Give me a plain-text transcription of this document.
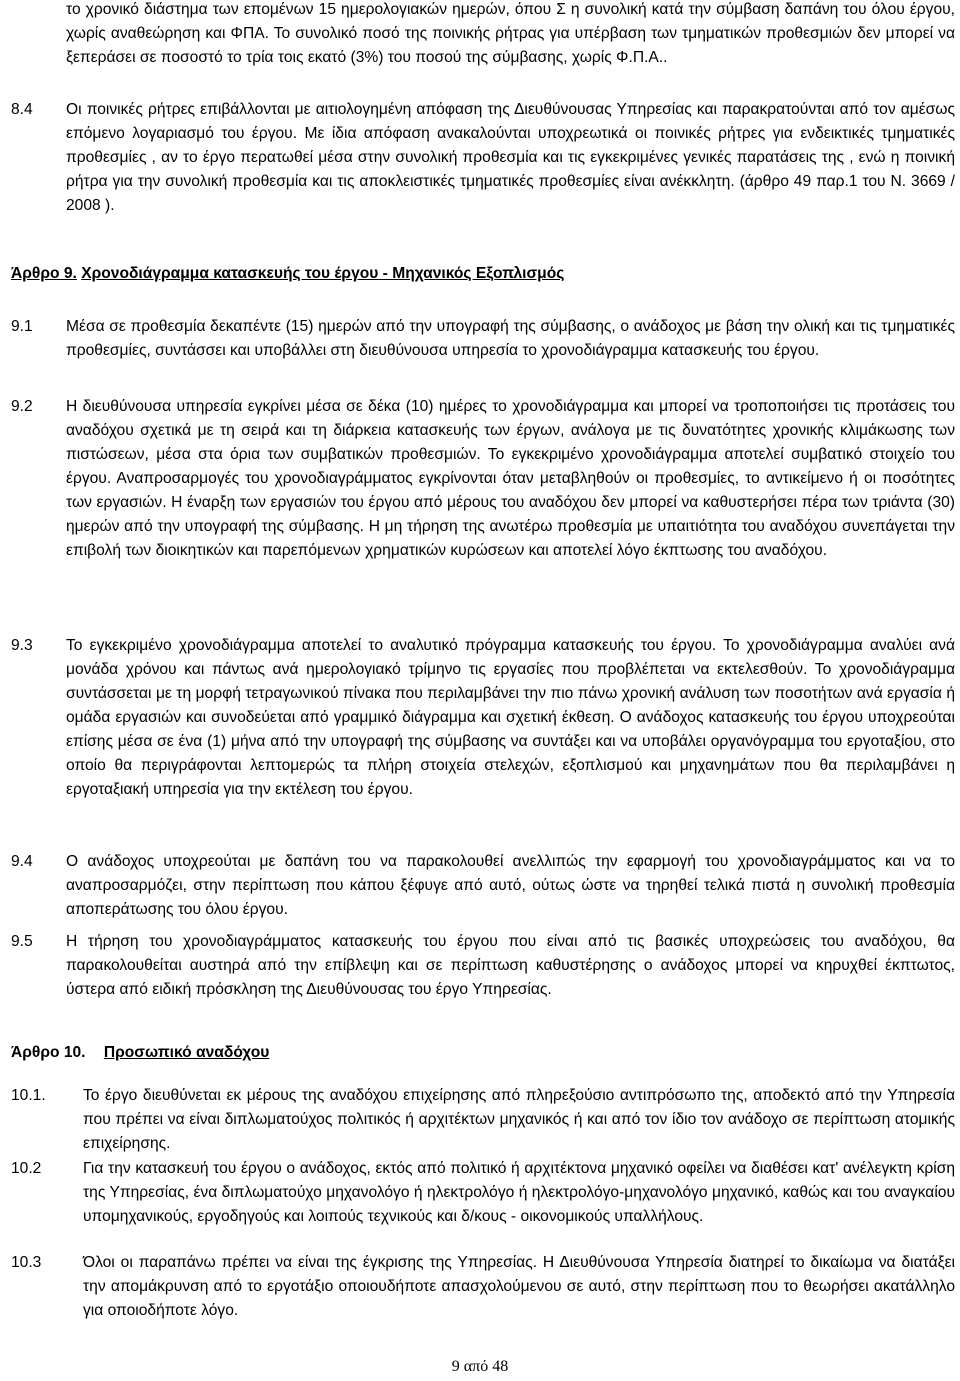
το χρονικό διάστημα των επομένων 15 ημερολογιακών ημερών, όπου Σ η συνολική κατά την σύμβαση δαπάνη του όλου έργου, χωρίς αναθεώρηση και ΦΠΑ. Το συνολικό ποσό της ποινικής ρήτρας για υπέρβαση των τμηματικών προθεσμιών δεν μπορεί να ξεπεράσει σε ποσοστό το τρία τοις εκατό (3%) του ποσού της σύμβασης, χωρίς Φ.Π.Α..
8.4	Οι ποινικές ρήτρες επιβάλλονται με αιτιολογημένη απόφαση της Διευθύνουσας Υπηρεσίας και παρακρατούνται από τον αμέσως επόμενο λογαριασμό του έργου. Με ίδια απόφαση ανακαλούνται υποχρεωτικά οι ποινικές ρήτρες για ενδεικτικές τμηματικές προθεσμίες , αν το έργο περατωθεί μέσα στην συνολική προθεσμία και τις εγκεκριμένες γενικές παρατάσεις της , ενώ η ποινική ρήτρα για την συνολική προθεσμία και τις αποκλειστικές τμηματικές προθεσμίες είναι ανέκκλητη. (άρθρο 49 παρ.1 του Ν. 3669 / 2008 ).
Άρθρο 9. Χρονοδιάγραμμα κατασκευής του έργου - Μηχανικός Εξοπλισμός
9.1	Μέσα σε προθεσμία δεκαπέντε (15) ημερών από την υπογραφή της σύμβασης, ο ανάδοχος με βάση την ολική και τις τμηματικές προθεσμίες, συντάσσει και υποβάλλει στη διευθύνουσα υπηρεσία το χρονοδιάγραμμα κατασκευής του έργου.
9.2	Η διευθύνουσα υπηρεσία εγκρίνει μέσα σε δέκα (10) ημέρες το χρονοδιάγραμμα και μπορεί να τροποποιήσει τις προτάσεις του αναδόχου σχετικά με τη σειρά και τη διάρκεια κατασκευής των έργων, ανάλογα με τις δυνατότητες χρονικής κλιμάκωσης των πιστώσεων, μέσα στα όρια των συμβατικών προθεσμιών. Το εγκεκριμένο χρονοδιάγραμμα αποτελεί συμβατικό στοιχείο του έργου. Αναπροσαρμογές του χρονοδιαγράμματος εγκρίνονται όταν μεταβληθούν οι προθεσμίες, το αντικείμενο ή οι ποσότητες των εργασιών. Η έναρξη των εργασιών του έργου από μέρους του αναδόχου δεν μπορεί να καθυστερήσει πέρα των τριάντα (30) ημερών από την υπογραφή της σύμβασης. Η μη τήρηση της ανωτέρω προθεσμία με υπαιτιότητα του αναδόχου συνεπάγεται την επιβολή των διοικητικών και παρεπόμενων χρηματικών κυρώσεων και αποτελεί λόγο έκπτωσης του αναδόχου.
9.3	Το εγκεκριμένο χρονοδιάγραμμα αποτελεί το αναλυτικό πρόγραμμα κατασκευής του έργου. Το χρονοδιάγραμμα αναλύει ανά μονάδα χρόνου και πάντως ανά ημερολογιακό τρίμηνο τις εργασίες που προβλέπεται να εκτελεσθούν. Το χρονοδιάγραμμα συντάσσεται με τη μορφή τετραγωνικού πίνακα που περιλαμβάνει την πιο πάνω χρονική ανάλυση των ποσοτήτων ανά εργασία ή ομάδα εργασιών και συνοδεύεται από γραμμικό διάγραμμα και σχετική έκθεση. Ο ανάδοχος κατασκευής του έργου υποχρεούται επίσης μέσα σε ένα (1) μήνα από την υπογραφή της σύμβασης να συντάξει και να υποβάλει οργανόγραμμα του εργοταξίου, στο οποίο θα περιγράφονται λεπτομερώς τα πλήρη στοιχεία στελεχών, εξοπλισμού και μηχανημάτων που θα περιλαμβάνει η εργοταξιακή υπηρεσία για την εκτέλεση του έργου.
9.4	Ο ανάδοχος υποχρεούται με δαπάνη του να παρακολουθεί ανελλιπώς την εφαρμογή του χρονοδιαγράμματος και να το αναπροσαρμόζει, στην περίπτωση που κάπου ξέφυγε από αυτό, ούτως ώστε να τηρηθεί τελικά πιστά η συνολική προθεσμία αποπεράτωσης του όλου έργου.
9.5	Η τήρηση του χρονοδιαγράμματος κατασκευής του έργου που είναι από τις βασικές υποχρεώσεις του αναδόχου, θα παρακολουθείται αυστηρά από την επίβλεψη και σε περίπτωση καθυστέρησης ο ανάδοχος μπορεί να κηρυχθεί έκπτωτος, ύστερα από ειδική πρόσκληση της Διευθύνουσας του έργο Υπηρεσίας.
Άρθρο 10. Προσωπικό αναδόχου
10.1.	Το έργο διευθύνεται εκ μέρους της αναδόχου επιχείρησης από πληρεξούσιο αντιπρόσωπο της, αποδεκτό από την Υπηρεσία που πρέπει να είναι διπλωματούχος πολιτικός ή αρχιτέκτων μηχανικός ή και από τον ίδιο τον ανάδοχο σε περίπτωση ατομικής επιχείρησης.
10.2	Για την κατασκευή του έργου ο ανάδοχος, εκτός από πολιτικό ή αρχιτέκτονα μηχανικό οφείλει να διαθέσει κατ' ανέλεγκτη κρίση της Υπηρεσίας, ένα διπλωματούχο μηχανολόγο ή ηλεκτρολόγο ή ηλεκτρολόγο-μηχανολόγο μηχανικό, καθώς και του αναγκαίου υπομηχανικούς, εργοδηγούς και λοιπούς τεχνικούς και δ/κους - οικονομικούς υπαλλήλους.
10.3	Όλοι οι παραπάνω πρέπει να είναι της έγκρισης της Υπηρεσίας. Η Διευθύνουσα Υπηρεσία διατηρεί το δικαίωμα να διατάξει την απομάκρυνση από το εργοτάξιο οποιουδήποτε απασχολούμενου σε αυτό, στην περίπτωση που το θεωρήσει ακατάλληλο για οποιοδήποτε λόγο.
9 από 48
